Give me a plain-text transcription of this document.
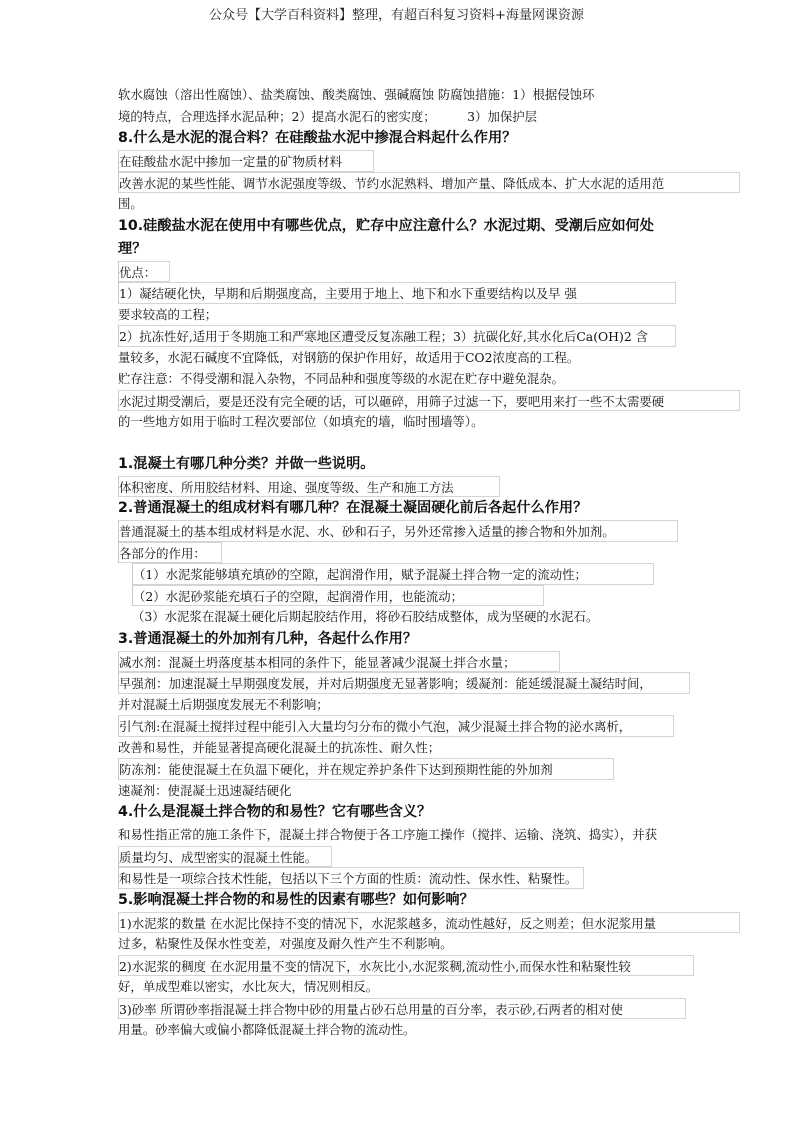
公众号【大学百科资料】整理，有超百科复习资料+海量网课资源
软水腐蚀（溶出性腐蚀）、盐类腐蚀、酸类腐蚀、强碱腐蚀 防腐蚀措施：1）根据侵蚀环
境的特点，合理选择水泥品种；2）提高水泥石的密实度；	3）加保护层
8.什么是水泥的混合料？在硅酸盐水泥中掺混合料起什么作用？
在硅酸盐水泥中掺加一定量的矿物质材料
改善水泥的某些性能、调节水泥强度等级、节约水泥熟料、增加产量、降低成本、扩大水泥的适用范
围。
10.硅酸盐水泥在使用中有哪些优点，贮存中应注意什么？水泥过期、受潮后应如何处
理？
优点：
1）凝结硬化快，早期和后期强度高，主要用于地上、地下和水下重要结构以及早 强
要求较高的工程；
2）抗冻性好,适用于冬期施工和严寒地区遭受反复冻融工程；3）抗碳化好,其水化后Ca(OH)2 含
量较多，水泥石碱度不宜降低，对钢筋的保护作用好，故适用于CO2浓度高的工程。
贮存注意：不得受潮和混入杂物，不同品种和强度等级的水泥在贮存中避免混杂。
水泥过期受潮后，要是还没有完全硬的话，可以砸碎，用筛子过滤一下，要吧用来打一些不太需要硬
的一些地方如用于临时工程次要部位（如填充的墙，临时围墙等）。
1.混凝土有哪几种分类？并做一些说明。
体积密度、所用胶结材料、用途、强度等级、生产和施工方法
2.普通混凝土的组成材料有哪几种？在混凝土凝固硬化前后各起什么作用？
普通混凝土的基本组成材料是水泥、水、砂和石子，另外还常掺入适量的掺合物和外加剂。
各部分的作用：
（1）水泥浆能够填充填砂的空隙，起润滑作用，赋予混凝土拌合物一定的流动性；
（2）水泥砂浆能充填石子的空隙，起润滑作用，也能流动；
（3）水泥浆在混凝土硬化后期起胶结作用，将砂石胶结成整体，成为坚硬的水泥石。
3.普通混凝土的外加剂有几种，各起什么作用？
减水剂：混凝土坍落度基本相同的条件下，能显著减少混凝土拌合水量；
早强剂：加速混凝土早期强度发展，并对后期强度无显著影响；缓凝剂：能延缓混凝土凝结时间，
并对混凝土后期强度发展无不利影响；
引气剂:在混凝土搅拌过程中能引入大量均匀分布的微小气泡，减少混凝土拌合物的泌水离析，
改善和易性，并能显著提高硬化混凝土的抗冻性、耐久性；
防冻剂：能使混凝土在负温下硬化，并在规定养护条件下达到预期性能的外加剂
速凝剂：使混凝土迅速凝结硬化
4.什么是混凝土拌合物的和易性？它有哪些含义？
和易性指正常的施工条件下，混凝土拌合物便于各工序施工操作（搅拌、运输、浇筑、捣实），并获
质量均匀、成型密实的混凝土性能。
和易性是一项综合技术性能，包括以下三个方面的性质：流动性、保水性、粘聚性。
5.影响混凝土拌合物的和易性的因素有哪些？如何影响？
1)水泥浆的数量 在水泥比保持不变的情况下，水泥浆越多，流动性越好，反之则差；但水泥浆用量
过多，粘聚性及保水性变差，对强度及耐久性产生不利影响。
2)水泥浆的稠度 在水泥用量不变的情况下，水灰比小,水泥浆稠,流动性小,而保水性和粘聚性较
好，单成型难以密实，水比灰大，情况则相反。
3)砂率 所谓砂率指混凝土拌合物中砂的用量占砂石总用量的百分率，表示砂,石两者的相对使
用量。砂率偏大或偏小都降低混凝土拌合物的流动性。
